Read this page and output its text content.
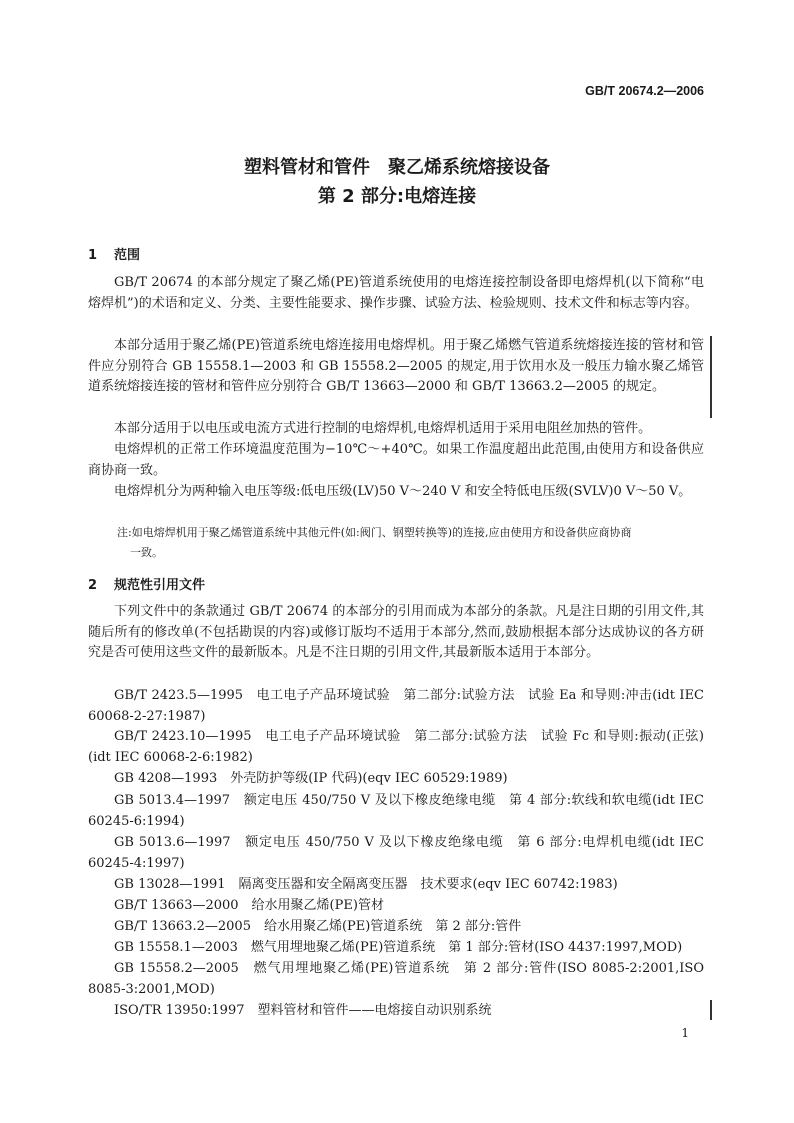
GB/T 20674.2—2006
塑料管材和管件　聚乙烯系统熔接设备
第 2 部分:电熔连接
1 范围

GB/T 20674 的本部分规定了聚乙烯(PE)管道系统使用的电熔连接控制设备即电熔焊机(以下简称“电熔焊机”)的术语和定义、分类、主要性能要求、操作步骤、试验方法、检验规则、技术文件和标志等内容。

本部分适用于聚乙烯(PE)管道系统电熔连接用电熔焊机。用于聚乙烯燃气管道系统熔接连接的管材和管件应分别符合 GB 15558.1—2003 和 GB 15558.2—2005 的规定,用于饮用水及一般压力输水聚乙烯管道系统熔接连接的管材和管件应分别符合 GB/T 13663—2000 和 GB/T 13663.2—2005 的规定。

本部分适用于以电压或电流方式进行控制的电熔焊机,电熔焊机适用于采用电阻丝加热的管件。

电熔焊机的正常工作环境温度范围为−10℃～+40℃。如果工作温度超出此范围,由使用方和设备供应商协商一致。

电熔焊机分为两种输入电压等级:低电压级(LV)50 V～240 V 和安全特低电压级(SVLV)0 V～50 V。

注:如电熔焊机用于聚乙烯管道系统中其他元件(如:阀门、钢塑转换等)的连接,应由使用方和设备供应商协商
一致。

2 规范性引用文件

下列文件中的条款通过 GB/T 20674 的本部分的引用而成为本部分的条款。凡是注日期的引用文件,其随后所有的修改单(不包括勘误的内容)或修订版均不适用于本部分,然而,鼓励根据本部分达成协议的各方研究是否可使用这些文件的最新版本。凡是不注日期的引用文件,其最新版本适用于本部分。

GB/T 2423.5—1995　电工电子产品环境试验　第二部分:试验方法　试验 Ea 和导则:冲击(idt IEC 60068-2-27:1987)

GB/T 2423.10—1995　电工电子产品环境试验　第二部分:试验方法　试验 Fc 和导则:振动(正弦)(idt IEC 60068-2-6:1982)

GB 4208—1993　外壳防护等级(IP 代码)(eqv IEC 60529:1989)

GB 5013.4—1997　额定电压 450/750 V 及以下橡皮绝缘电缆　第 4 部分:软线和软电缆(idt IEC 60245-6:1994)

GB 5013.6—1997　额定电压 450/750 V 及以下橡皮绝缘电缆　第 6 部分:电焊机电缆(idt IEC 60245-4:1997)

GB 13028—1991　隔离变压器和安全隔离变压器　技术要求(eqv IEC 60742:1983)

GB/T 13663—2000　给水用聚乙烯(PE)管材

GB/T 13663.2—2005　给水用聚乙烯(PE)管道系统　第 2 部分:管件

GB 15558.1—2003　燃气用埋地聚乙烯(PE)管道系统　第 1 部分:管材(ISO 4437:1997,MOD)

GB 15558.2—2005　燃气用埋地聚乙烯(PE)管道系统　第 2 部分:管件(ISO 8085-2:2001,ISO 8085-3:2001,MOD)

ISO/TR 13950:1997　塑料管材和管件——电熔接自动识别系统

1
